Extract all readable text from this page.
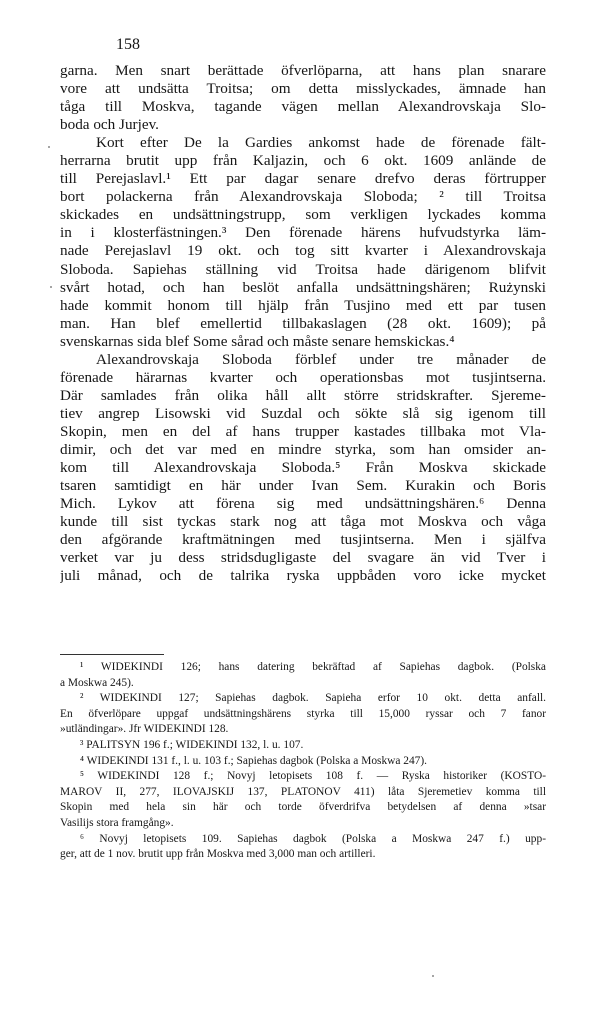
158
garna. Men snart berättade öfverlöparna, att hans plan snarare
vore att undsätta Troitsa; om detta misslyckades, ämnade han
tåga till Moskva, tagande vägen mellan Alexandrovskaja Slo-
boda och Jurjev.
Kort efter De la Gardies ankomst hade de förenade fält-
herrarna brutit upp från Kaljazin, och 6 okt. 1609 anlände de
till Perejaslavl.¹ Ett par dagar senare drefvo deras förtrupper
bort polackerna från Alexandrovskaja Sloboda; ² till Troitsa
skickades en undsättningstrupp, som verkligen lyckades komma
in i klosterfästningen.³ Den förenade härens hufvudstyrka läm-
nade Perejaslavl 19 okt. och tog sitt kvarter i Alexandrovskaja
Sloboda. Sapiehas ställning vid Troitsa hade därigenom blifvit
svårt hotad, och han beslöt anfalla undsättningshären; Rużynski
hade kommit honom till hjälp från Tusjino med ett par tusen
man. Han blef emellertid tillbakaslagen (28 okt. 1609); på
svenskarnas sida blef Some sårad och måste senare hemskickas.⁴
Alexandrovskaja Sloboda förblef under tre månader de
förenade härarnas kvarter och operationsbas mot tusjintserna.
Där samlades från olika håll allt större stridskrafter. Sjereme-
tiev angrep Lisowski vid Suzdal och sökte slå sig igenom till
Skopin, men en del af hans trupper kastades tillbaka mot Vla-
dimir, och det var med en mindre styrka, som han omsider an-
kom till Alexandrovskaja Sloboda.⁵ Från Moskva skickade
tsaren samtidigt en här under Ivan Sem. Kurakin och Boris
Mich. Lykov att förena sig med undsättningshären.⁶ Denna
kunde till sist tyckas stark nog att tåga mot Moskva och våga
den afgörande kraftmätningen med tusjintserna. Men i själfva
verket var ju dess stridsdugligaste del svagare än vid Tver i
juli månad, och de talrika ryska uppbåden voro icke mycket
¹ WIDEKINDI 126; hans datering bekräftad af Sapiehas dagbok. (Polska
a Moskwa 245).
² WIDEKINDI 127; Sapiehas dagbok. Sapieha erfor 10 okt. detta anfall.
En öfverlöpare uppgaf undsättningshärens styrka till 15,000 ryssar och 7 fanor
»utländingar». Jfr WIDEKINDI 128.
³ PALITSYN 196 f.; WIDEKINDI 132, l. u. 107.
⁴ WIDEKINDI 131 f., l. u. 103 f.; Sapiehas dagbok (Polska a Moskwa 247).
⁵ WIDEKINDI 128 f.; Novyj letopisets 108 f. — Ryska historiker (KOSTO-
MAROV II, 277, ILOVAJSKIJ 137, PLATONOV 411) låta Sjeremetiev komma till
Skopin med hela sin här och torde öfverdrifva betydelsen af denna »tsar
Vasilijs stora framgång».
⁶ Novyj letopisets 109. Sapiehas dagbok (Polska a Moskwa 247 f.) upp-
ger, att de 1 nov. brutit upp från Moskva med 3,000 man och artilleri.
